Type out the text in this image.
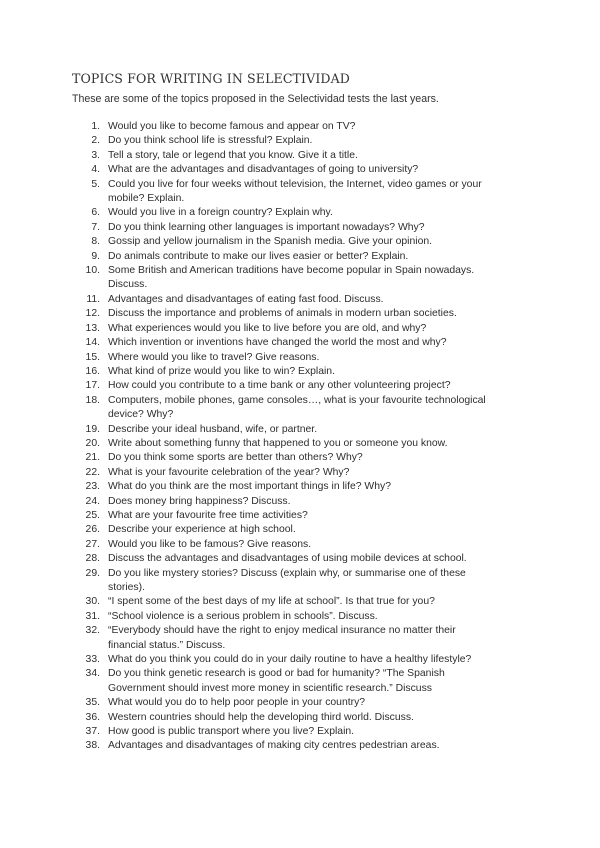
TOPICS FOR WRITING IN SELECTIVIDAD

These are some of the topics proposed in the Selectividad tests the last years.

1. Would you like to become famous and appear on TV?
2. Do you think school life is stressful? Explain.
3. Tell a story, tale or legend that you know. Give it a title.
4. What are the advantages and disadvantages of going to university?
5. Could you live for four weeks without television, the Internet, video games or your mobile? Explain.
6. Would you live in a foreign country? Explain why.
7. Do you think learning other languages is important nowadays? Why?
8. Gossip and yellow journalism in the Spanish media. Give your opinion.
9. Do animals contribute to make our lives easier or better? Explain.
10. Some British and American traditions have become popular in Spain nowadays. Discuss.
11. Advantages and disadvantages of eating fast food. Discuss.
12. Discuss the importance and problems of animals in modern urban societies.
13. What experiences would you like to live before you are old, and why?
14. Which invention or inventions have changed the world the most and why?
15. Where would you like to travel? Give reasons.
16. What kind of prize would you like to win? Explain.
17. How could you contribute to a time bank or any other volunteering project?
18. Computers, mobile phones, game consoles…, what is your favourite technological device? Why?
19. Describe your ideal husband, wife, or partner.
20. Write about something funny that happened to you or someone you know.
21. Do you think some sports are better than others? Why?
22. What is your favourite celebration of the year? Why?
23. What do you think are the most important things in life? Why?
24. Does money bring happiness? Discuss.
25. What are your favourite free time activities?
26. Describe your experience at high school.
27. Would you like to be famous? Give reasons.
28. Discuss the advantages and disadvantages of using mobile devices at school.
29. Do you like mystery stories? Discuss (explain why, or summarise one of these stories).
30. “I spent some of the best days of my life at school”. Is that true for you?
31. “School violence is a serious problem in schools”. Discuss.
32. “Everybody should have the right to enjoy medical insurance no matter their financial status.” Discuss.
33. What do you think you could do in your daily routine to have a healthy lifestyle?
34. Do you think genetic research is good or bad for humanity? “The Spanish Government should invest more money in scientific research.” Discuss
35. What would you do to help poor people in your country?
36. Western countries should help the developing third world. Discuss.
37. How good is public transport where you live? Explain.
38. Advantages and disadvantages of making city centres pedestrian areas.
